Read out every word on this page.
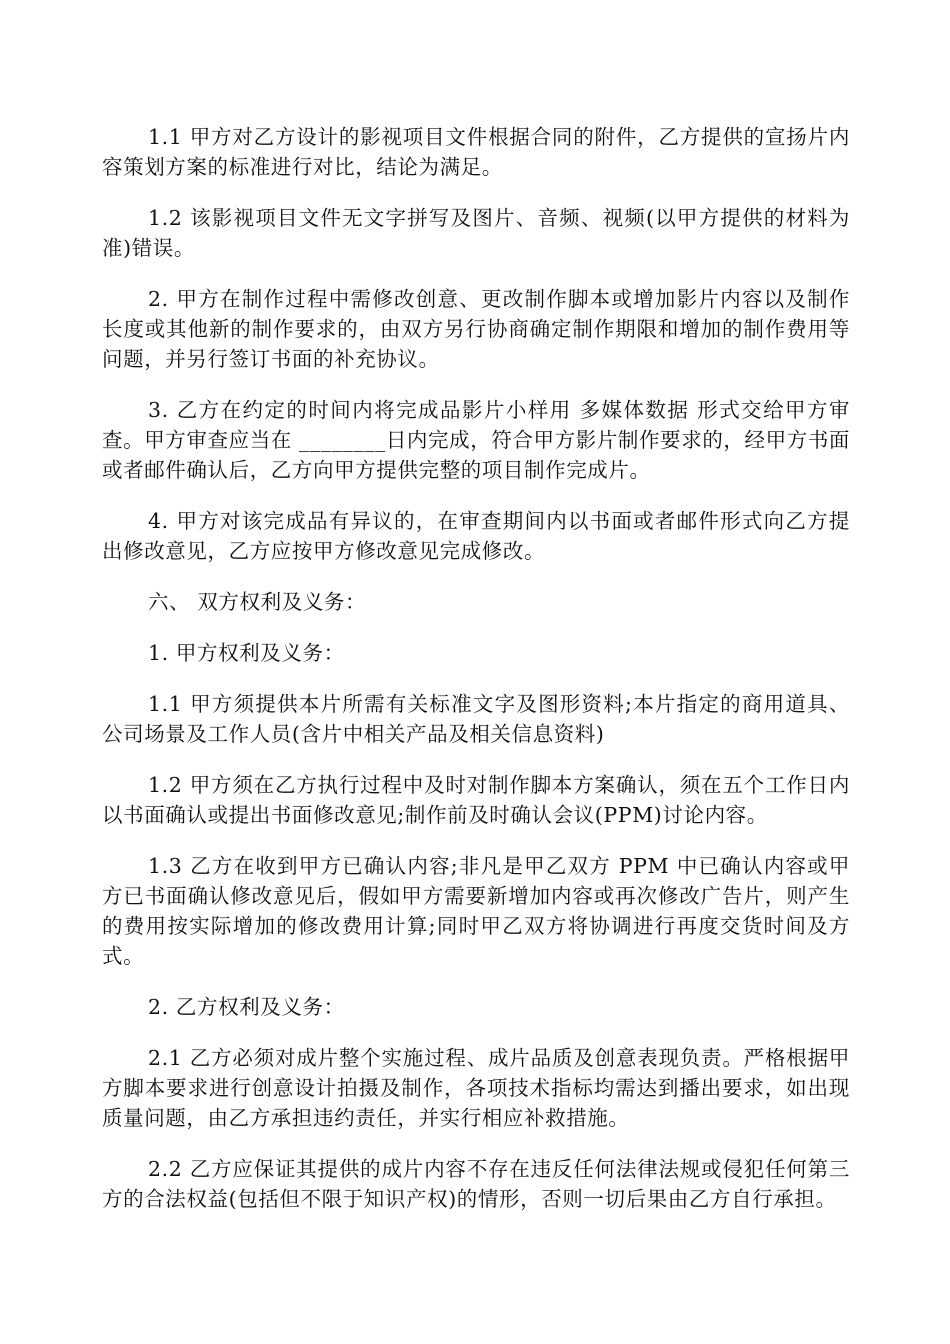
1.1 甲方对乙方设计的影视项目文件根据合同的附件，乙方提供的宣扬片内容策划方案的标准进行对比，结论为满足。

1.2 该影视项目文件无文字拼写及图片、音频、视频(以甲方提供的材料为准)错误。

2. 甲方在制作过程中需修改创意、更改制作脚本或增加影片内容以及制作长度或其他新的制作要求的，由双方另行协商确定制作期限和增加的制作费用等问题，并另行签订书面的补充协议。

3. 乙方在约定的时间内将完成品影片小样用 多媒体数据 形式交给甲方审查。甲方审查应当在 ________日内完成，符合甲方影片制作要求的，经甲方书面或者邮件确认后，乙方向甲方提供完整的项目制作完成片。

4. 甲方对该完成品有异议的，在审查期间内以书面或者邮件形式向乙方提出修改意见，乙方应按甲方修改意见完成修改。

六、 双方权利及义务：

1. 甲方权利及义务：

1.1 甲方须提供本片所需有关标准文字及图形资料;本片指定的商用道具、公司场景及工作人员(含片中相关产品及相关信息资料)

1.2 甲方须在乙方执行过程中及时对制作脚本方案确认，须在五个工作日内以书面确认或提出书面修改意见;制作前及时确认会议(PPM)讨论内容。

1.3 乙方在收到甲方已确认内容;非凡是甲乙双方 PPM 中已确认内容或甲方已书面确认修改意见后，假如甲方需要新增加内容或再次修改广告片，则产生的费用按实际增加的修改费用计算;同时甲乙双方将协调进行再度交货时间及方式。

2. 乙方权利及义务：

2.1 乙方必须对成片整个实施过程、成片品质及创意表现负责。严格根据甲方脚本要求进行创意设计拍摄及制作，各项技术指标均需达到播出要求，如出现质量问题，由乙方承担违约责任，并实行相应补救措施。

2.2 乙方应保证其提供的成片内容不存在违反任何法律法规或侵犯任何第三方的合法权益(包括但不限于知识产权)的情形，否则一切后果由乙方自行承担。
